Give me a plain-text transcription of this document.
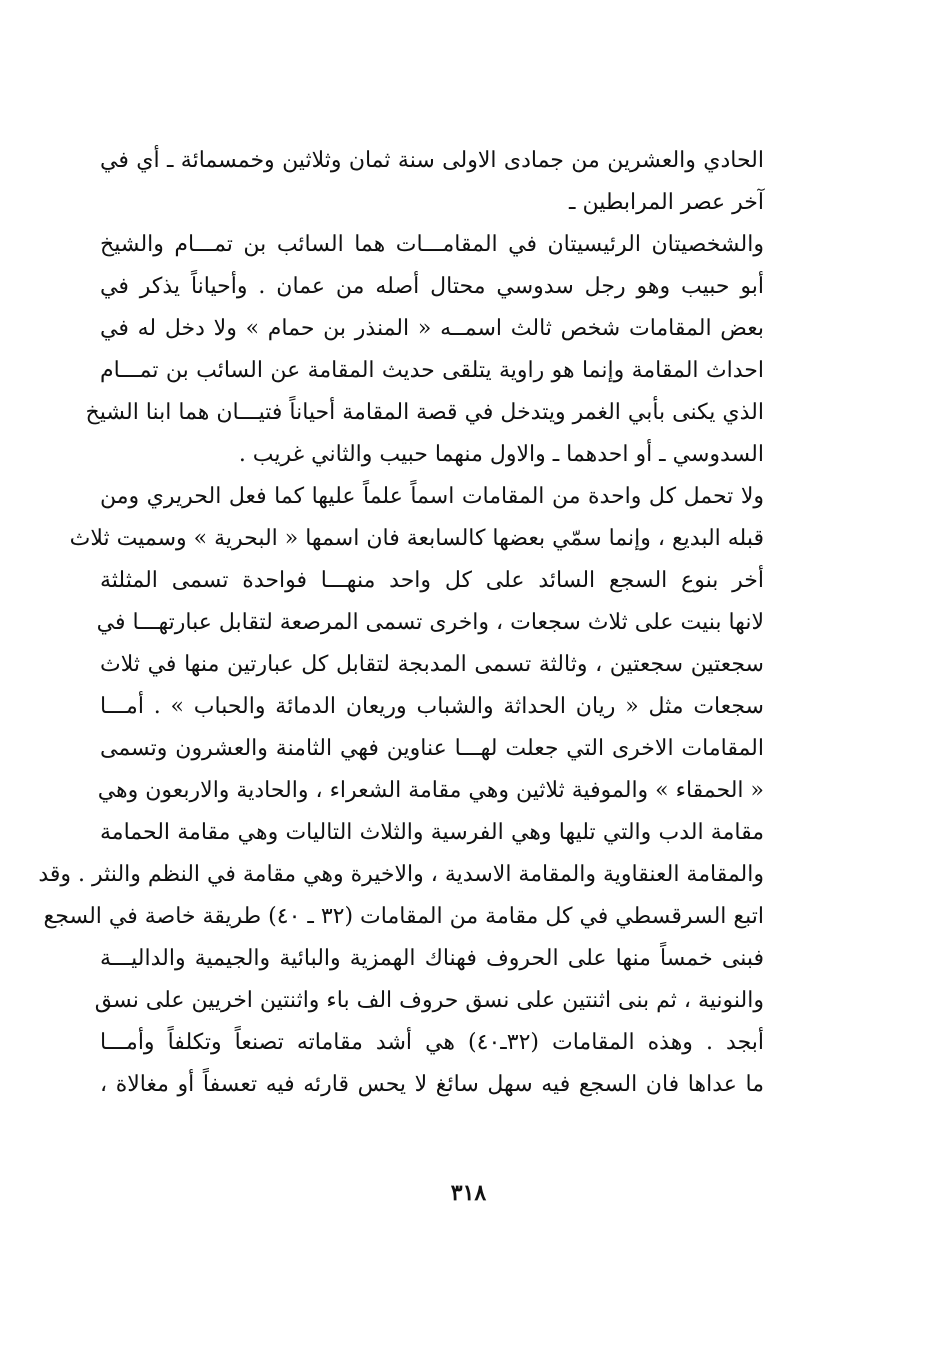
الحادي والعشرين من جمادى الاولى سنة ثمان وثلاثين وخمسمائة ـ أي في
آخر عصر المرابطين ـ
والشخصيتان الرئيسيتان في المقامـــات هما السائب بن تمـــام والشيخ
أبو حبيب وهو رجل سدوسي محتال أصله من عمان . وأحياناً يذكر في
بعض المقامات شخص ثالث اسمــه « المنذر بن حمام » ولا دخل له في
احداث المقامة وإنما هو راوية يتلقى حديث المقامة عن السائب بن تمـــام
الذي يكنى بأبي الغمر ويتدخل في قصة المقامة أحياناً فتيـــان هما ابنا الشيخ
السدوسي ـ أو احدهما ـ والاول منهما حبيب والثاني غريب .
ولا تحمل كل واحدة من المقامات اسماً علماً عليها كما فعل الحريري ومن
قبله البديع ، وإنما سمّي بعضها كالسابعة فان اسمها « البحرية » وسميت ثلاث
أخر بنوع السجع السائد على كل واحد منهـــا فواحدة تسمى المثلثة
لانها بنيت على ثلاث سجعات ، واخرى تسمى المرصعة لتقابل عبارتهـــا في
سجعتين سجعتين ، وثالثة تسمى المدبجة لتقابل كل عبارتين منها في ثلاث
سجعات مثل « ريان الحداثة والشباب وريعان الدمائة والحباب » . أمـــا
المقامات الاخرى التي جعلت لهـــا عناوين فهي الثامنة والعشرون وتسمى
« الحمقاء » والموفية ثلاثين وهي مقامة الشعراء ، والحادية والاربعون وهي
مقامة الدب والتي تليها وهي الفرسية والثلاث التاليات وهي مقامة الحمامة
والمقامة العنقاوية والمقامة الاسدية ، والاخيرة وهي مقامة في النظم والنثر . وقد
اتبع السرقسطي في كل مقامة من المقامات (٣٢ ـ ٤٠) طريقة خاصة في السجع
فبنى خمساً منها على الحروف فهناك الهمزية والبائية والجيمية والداليـــة
والنونية ، ثم بنى اثنتين على نسق حروف الف باء واثنتين اخريين على نسق
أبجد . وهذه المقامات (٣٢ـ٤٠) هي أشد مقاماته تصنعاً وتكلفاً وأمـــا
ما عداها فان السجع فيه سهل سائغ لا يحس قارئه فيه تعسفاً أو مغالاة ،
٣١٨
